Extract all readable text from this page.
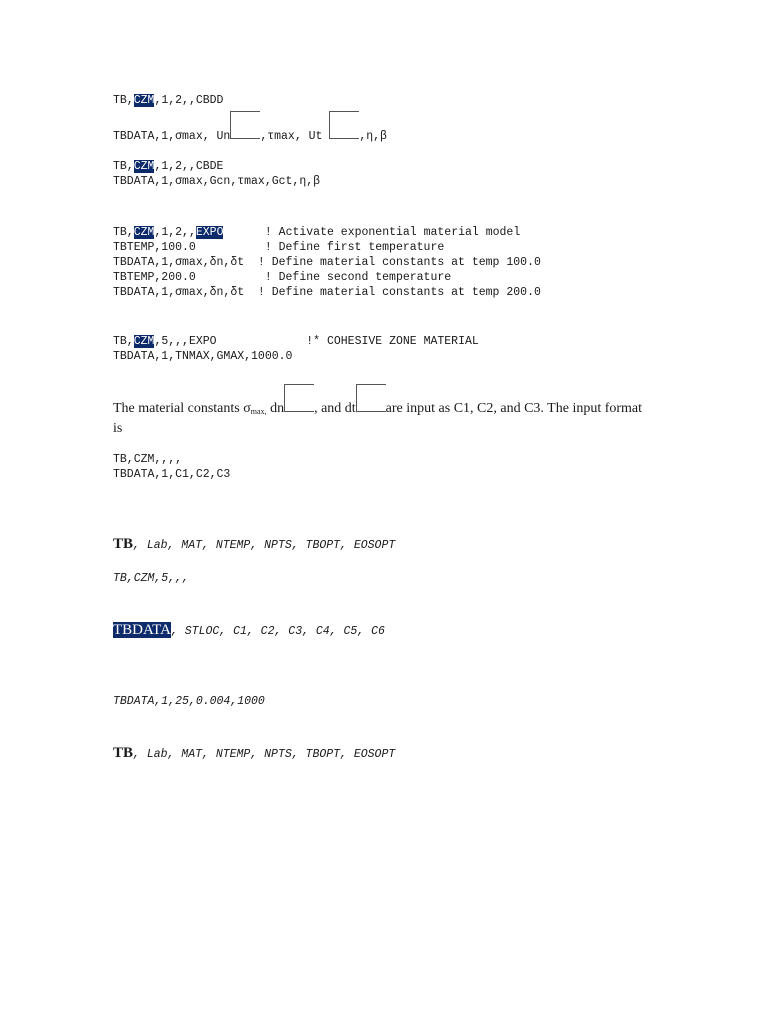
TB,CZM,1,2,,CBDD
TBDATA,1,σmax, Un	,τmax, Ut	,η,β
TB,CZM,1,2,,CBDE
TBDATA,1,σmax,Gcn,τmax,Gct,η,β
TB,CZM,1,2,,EXPO      ! Activate exponential material model
TBTEMP,100.0          ! Define first temperature
TBDATA,1,σmax,δn,δt  ! Define material constants at temp 100.0
TBTEMP,200.0          ! Define second temperature
TBDATA,1,σmax,δn,δt  ! Define material constants at temp 200.0
TB,CZM,5,,,EXPO             !* COHESIVE ZONE MATERIAL
TBDATA,1,TNMAX,GMAX,1000.0
The material constants $\sigma_{max,}$ dn , and dt are input as C1, C2, and C3. The input format is
TB,CZM,,,,
TBDATA,1,C1,C2,C3
TB, Lab, MAT, NTEMP, NPTS, TBOPT, EOSOPT
TB,CZM,5,,,
TBDATA, STLOC, C1, C2, C3, C4, C5, C6
TBDATA,1,25,0.004,1000
TB, Lab, MAT, NTEMP, NPTS, TBOPT, EOSOPT
